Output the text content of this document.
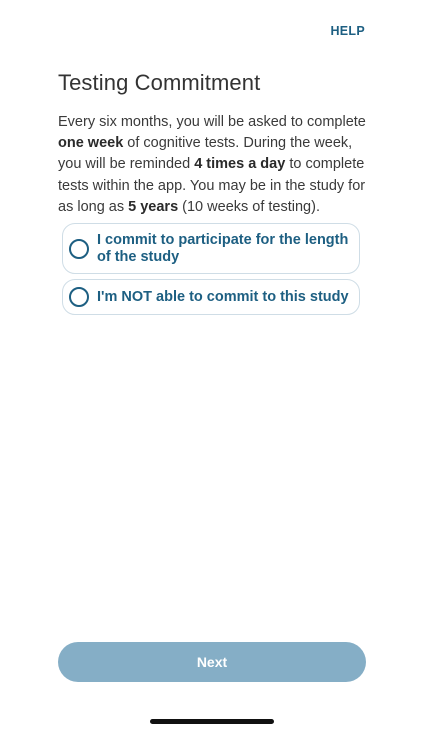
HELP
Testing Commitment

Every six months, you will be asked to complete one week of cognitive tests. During the week, you will be reminded 4 times a day to complete tests within the app. You may be in the study for as long as 5 years (10 weeks of testing).

I commit to participate for the length of the study
I'm NOT able to commit to this study
Next
